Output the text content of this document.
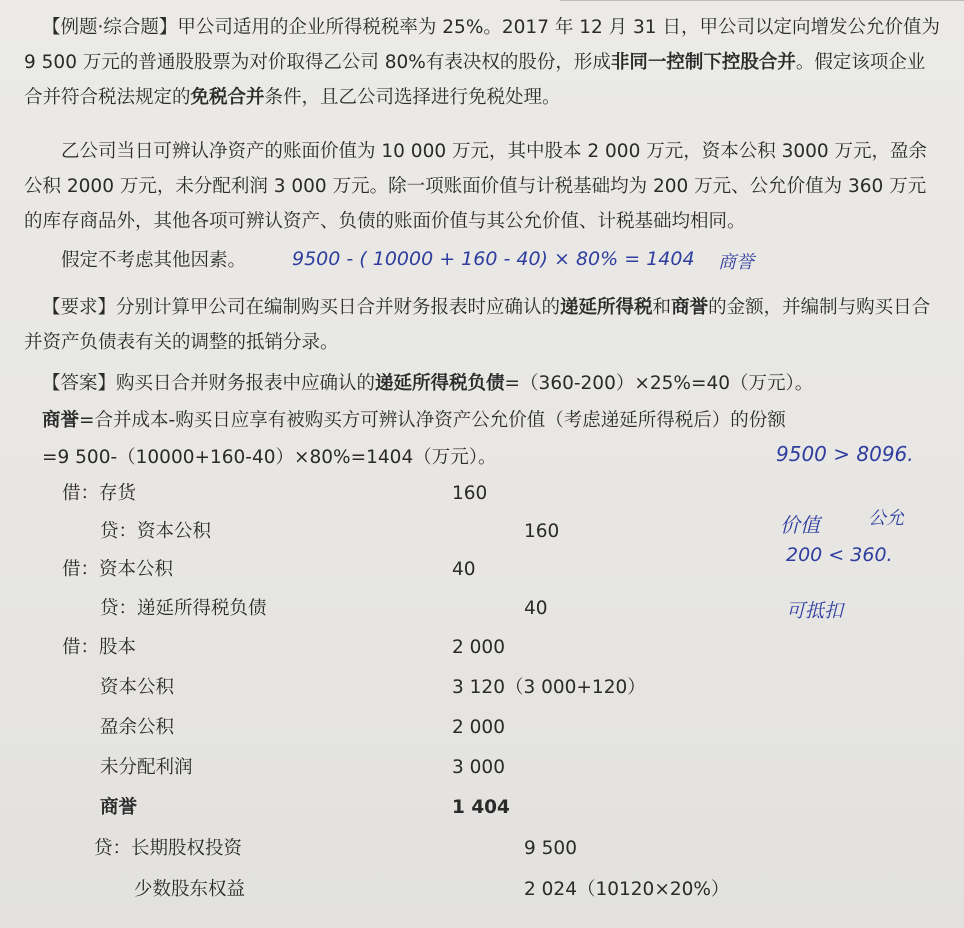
【例题·综合题】甲公司适用的企业所得税税率为 25%。2017 年 12 月 31 日，甲公司以定向增发公允价值为 9 500 万元的普通股股票为对价取得乙公司 80%有表决权的股份，形成非同一控制下控股合并。假定该项企业合并符合税法规定的免税合并条件，且乙公司选择进行免税处理。

乙公司当日可辨认净资产的账面价值为 10 000 万元，其中股本 2 000 万元，资本公积 3000 万元，盈余公积 2000 万元，未分配利润 3 000 万元。除一项账面价值与计税基础均为 200 万元、公允价值为 360 万元的库存商品外，其他各项可辨认资产、负债的账面价值与其公允价值、计税基础均相同。

假定不考虑其他因素。

【要求】分别计算甲公司在编制购买日合并财务报表时应确认的递延所得税和商誉的金额，并编制与购买日合并资产负债表有关的调整的抵销分录。

【答案】购买日合并财务报表中应确认的递延所得税负债=（360-200）×25%=40（万元）。

商誉=合并成本-购买日应享有被购买方可辨认净资产公允价值（考虑递延所得税后）的份额

=9 500-（10000+160-40）×80%=1404（万元）。

借：存货	160
贷：资本公积	160
借：资本公积	40
贷：递延所得税负债	40
借：股本	2 000
资本公积	3 120（3 000+120）
盈余公积	2 000
未分配利润	3 000
商誉	1 404
贷：长期股权投资	9 500
少数股东权益	2 024（10120×20%）
9500 - ( 10000 + 160 - 40) × 80% = 1404 商誉
9500 > 8096.
价值	公允
200 < 360.
可抵扣
